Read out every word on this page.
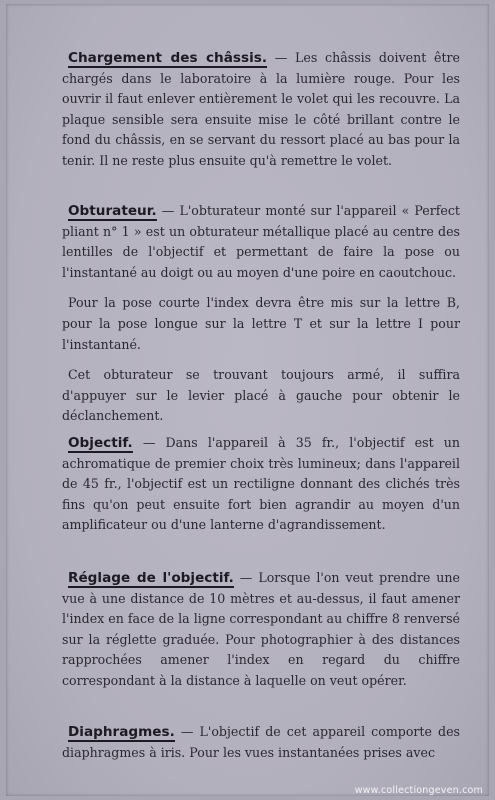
Chargement des châssis. — Les châssis doivent être chargés dans le laboratoire à la lumière rouge. Pour les ouvrir il faut enlever entièrement le volet qui les recouvre. La plaque sensible sera ensuite mise le côté brillant contre le fond du châssis, en se servant du ressort placé au bas pour la tenir. Il ne reste plus ensuite qu'à remettre le volet.

Obturateur. — L'obturateur monté sur l'appareil « Perfect pliant n° 1 » est un obturateur métallique placé au centre des lentilles de l'objectif et permettant de faire la pose ou l'instantané au doigt ou au moyen d'une poire en caoutchouc.

Pour la pose courte l'index devra être mis sur la lettre B, pour la pose longue sur la lettre T et sur la lettre I pour l'instantané.

Cet obturateur se trouvant toujours armé, il suffira d'appuyer sur le levier placé à gauche pour obtenir le déclanchement.

Objectif. — Dans l'appareil à 35 fr., l'objectif est un achromatique de premier choix très lumineux; dans l'appareil de 45 fr., l'objectif est un rectiligne donnant des clichés très fins qu'on peut ensuite fort bien agrandir au moyen d'un amplificateur ou d'une lanterne d'agrandissement.

Réglage de l'objectif. — Lorsque l'on veut prendre une vue à une distance de 10 mètres et au-dessus, il faut amener l'index en face de la ligne correspondant au chiffre 8 renversé sur la réglette graduée. Pour photographier à des distances rapprochées amener l'index en regard du chiffre correspondant à la distance à laquelle on veut opérer.

Diaphragmes. — L'objectif de cet appareil comporte des diaphragmes à iris. Pour les vues instantanées prises avec

www.collectiongeven.com
